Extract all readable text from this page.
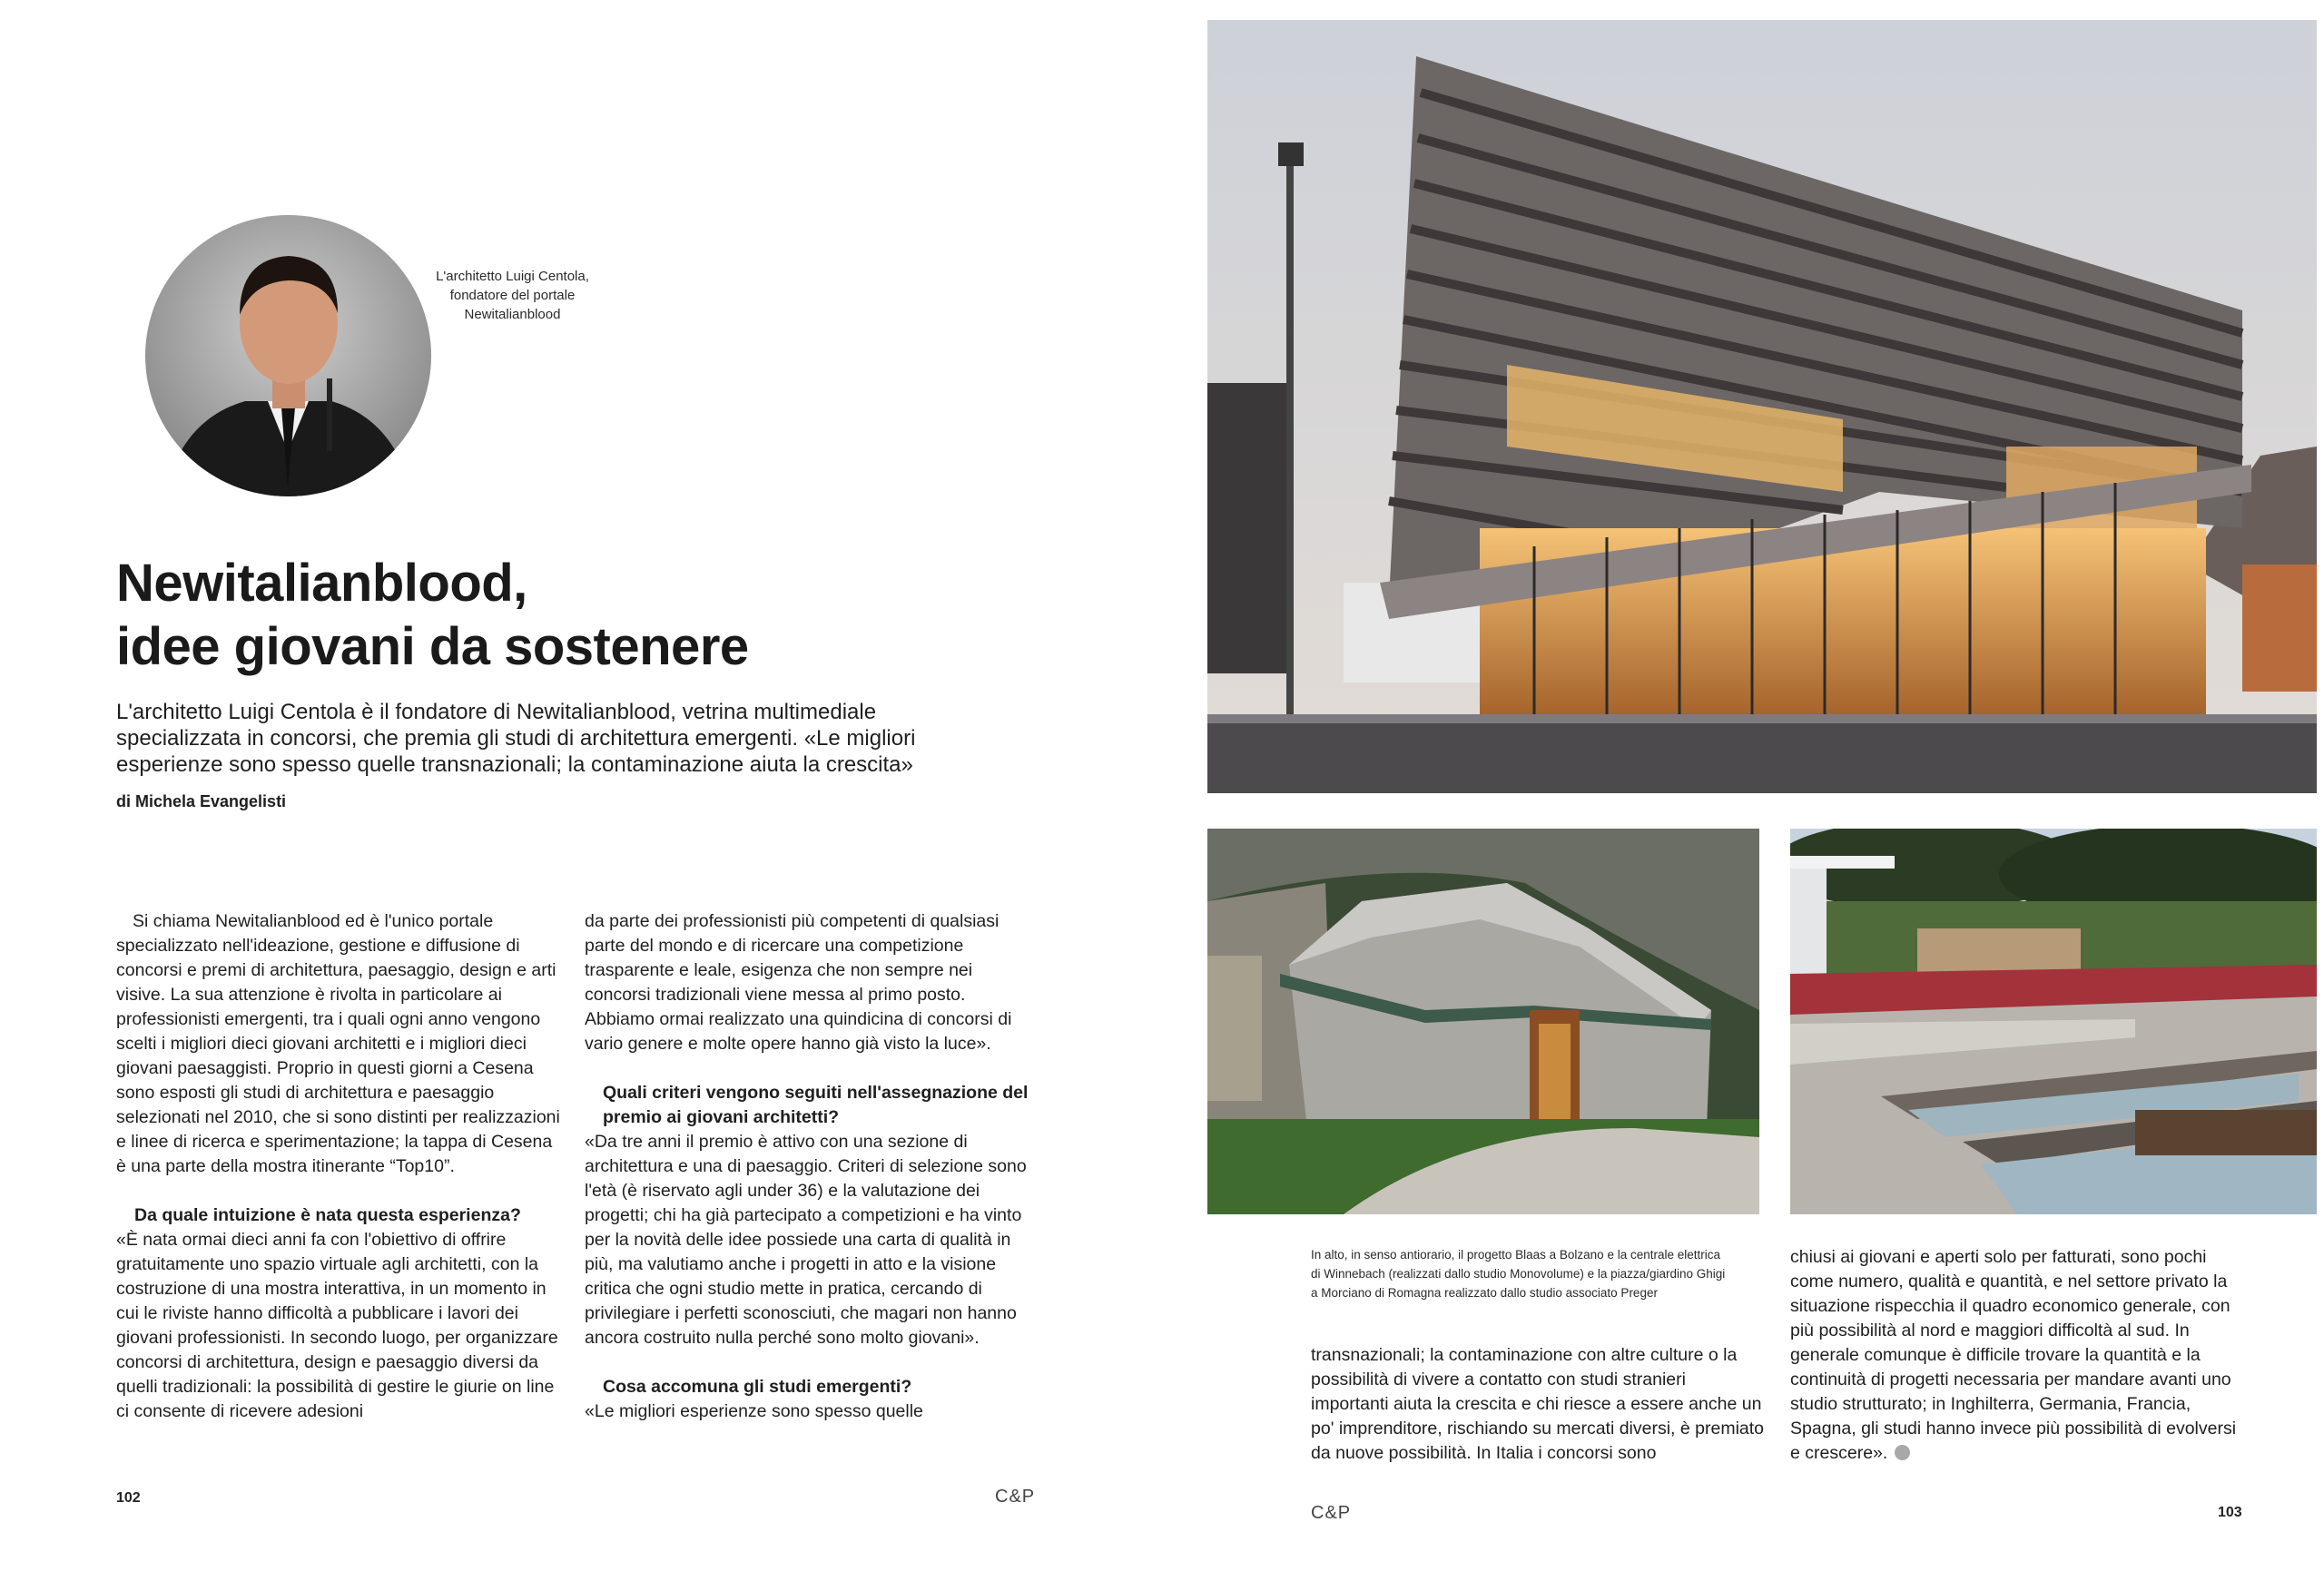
L'architetto Luigi Centola,
fondatore del portale
Newitalianblood
Newitalianblood,
idee giovani da sostenere
L'architetto Luigi Centola è il fondatore di Newitalianblood, vetrina multimediale specializzata in concorsi, che premia gli studi di architettura emergenti. «Le migliori esperienze sono spesso quelle transnazionali; la contaminazione aiuta la crescita»
di Michela Evangelisti

Si chiama Newitalianblood ed è l'unico portale specializzato nell'ideazione, gestione e diffusione di concorsi e premi di architettura, paesaggio, design e arti visive. La sua attenzione è rivolta in particolare ai professionisti emergenti, tra i quali ogni anno vengono scelti i migliori dieci giovani architetti e i migliori dieci giovani paesaggisti. Proprio in questi giorni a Cesena sono esposti gli studi di architettura e paesaggio selezionati nel 2010, che si sono distinti per realizzazioni e linee di ricerca e sperimentazione; la tappa di Cesena è una parte della mostra itinerante “Top10”.

Da quale intuizione è nata questa esperienza?

«È nata ormai dieci anni fa con l'obiettivo di offrire gratuitamente uno spazio virtuale agli architetti, con la costruzione di una mostra interattiva, in un momento in cui le riviste hanno difficoltà a pubblicare i lavori dei giovani professionisti. In secondo luogo, per organizzare concorsi di architettura, design e paesaggio diversi da quelli tradizionali: la possibilità di gestire le giurie on line ci consente di ricevere adesioni

da parte dei professionisti più competenti di qualsiasi parte del mondo e di ricercare una competizione trasparente e leale, esigenza che non sempre nei concorsi tradizionali viene messa al primo posto. Abbiamo ormai realizzato una quindicina di concorsi di vario genere e molte opere hanno già visto la luce».

Quali criteri vengono seguiti nell'assegnazione del premio ai giovani architetti?

«Da tre anni il premio è attivo con una sezione di architettura e una di paesaggio. Criteri di selezione sono l'età (è riservato agli under 36) e la valutazione dei progetti; chi ha già partecipato a competizioni e ha vinto per la novità delle idee possiede una carta di qualità in più, ma valutiamo anche i progetti in atto e la visione critica che ogni studio mette in pratica, cercando di privilegiare i perfetti sconosciuti, che magari non hanno ancora costruito nulla perché sono molto giovani».

Cosa accomuna gli studi emergenti?

«Le migliori esperienze sono spesso quelle

102	C&P
In alto, in senso antiorario, il progetto Blaas a Bolzano e la centrale elettrica
di Winnebach (realizzati dallo studio Monovolume) e la piazza/giardino Ghigi
a Morciano di Romagna realizzato dallo studio associato Preger

transnazionali; la contaminazione con altre culture o la possibilità di vivere a contatto con studi stranieri importanti aiuta la crescita e chi riesce a essere anche un po' imprenditore, rischiando su mercati diversi, è premiato da nuove possibilità. In Italia i concorsi sono

chiusi ai giovani e aperti solo per fatturati, sono pochi come numero, qualità e quantità, e nel settore privato la situazione rispecchia il quadro economico generale, con più possibilità al nord e maggiori difficoltà al sud. In generale comunque è difficile trovare la quantità e la continuità di progetti necessaria per mandare avanti uno studio strutturato; in Inghilterra, Germania, Francia, Spagna, gli studi hanno invece più possibilità di evolversi e crescere».

C&P	103
